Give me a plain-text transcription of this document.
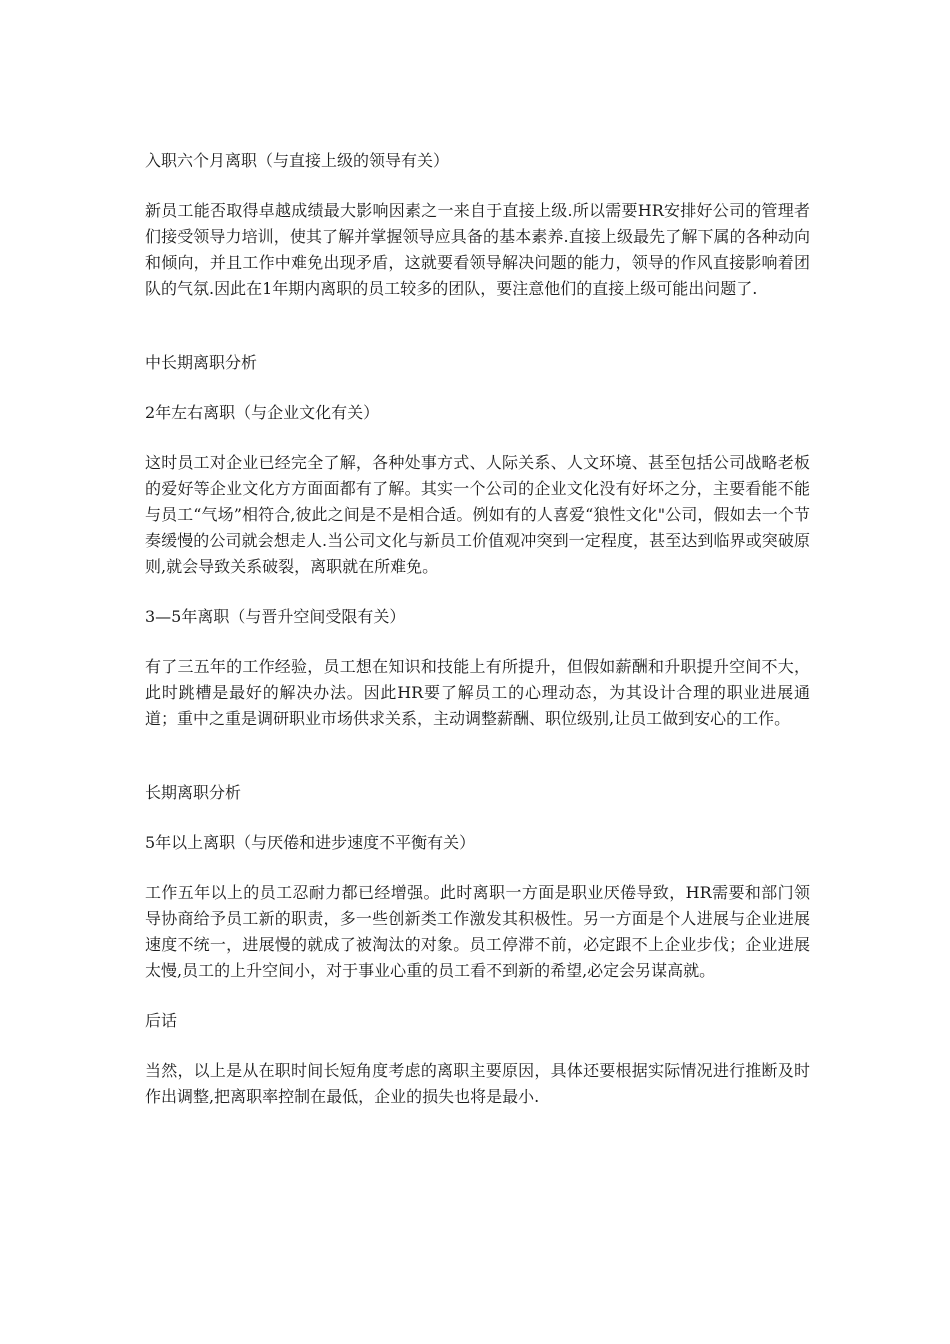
入职六个月离职（与直接上级的领导有关）

新员工能否取得卓越成绩最大影响因素之一来自于直接上级.所以需要HR安排好公司的管理者们接受领导力培训，使其了解并掌握领导应具备的基本素养.直接上级最先了解下属的各种动向和倾向，并且工作中难免出现矛盾，这就要看领导解决问题的能力，领导的作风直接影响着团队的气氛.因此在1年期内离职的员工较多的团队，要注意他们的直接上级可能出问题了.

中长期离职分析

2年左右离职（与企业文化有关）

这时员工对企业已经完全了解，各种处事方式、人际关系、人文环境、甚至包括公司战略老板的爱好等企业文化方方面面都有了解。其实一个公司的企业文化没有好坏之分，主要看能不能与员工“气场”相符合,彼此之间是不是相合适。例如有的人喜爱“狼性文化"公司，假如去一个节奏缓慢的公司就会想走人.当公司文化与新员工价值观冲突到一定程度，甚至达到临界或突破原则,就会导致关系破裂，离职就在所难免。

3—5年离职（与晋升空间受限有关）

有了三五年的工作经验，员工想在知识和技能上有所提升，但假如薪酬和升职提升空间不大，此时跳槽是最好的解决办法。因此HR要了解员工的心理动态，为其设计合理的职业进展通道；重中之重是调研职业市场供求关系，主动调整薪酬、职位级别,让员工做到安心的工作。

长期离职分析

5年以上离职（与厌倦和进步速度不平衡有关）

工作五年以上的员工忍耐力都已经增强。此时离职一方面是职业厌倦导致，HR需要和部门领导协商给予员工新的职责，多一些创新类工作激发其积极性。另一方面是个人进展与企业进展速度不统一，进展慢的就成了被淘汰的对象。员工停滞不前，必定跟不上企业步伐；企业进展太慢,员工的上升空间小，对于事业心重的员工看不到新的希望,必定会另谋高就。

后话

当然，以上是从在职时间长短角度考虑的离职主要原因，具体还要根据实际情况进行推断及时作出调整,把离职率控制在最低，企业的损失也将是最小.
